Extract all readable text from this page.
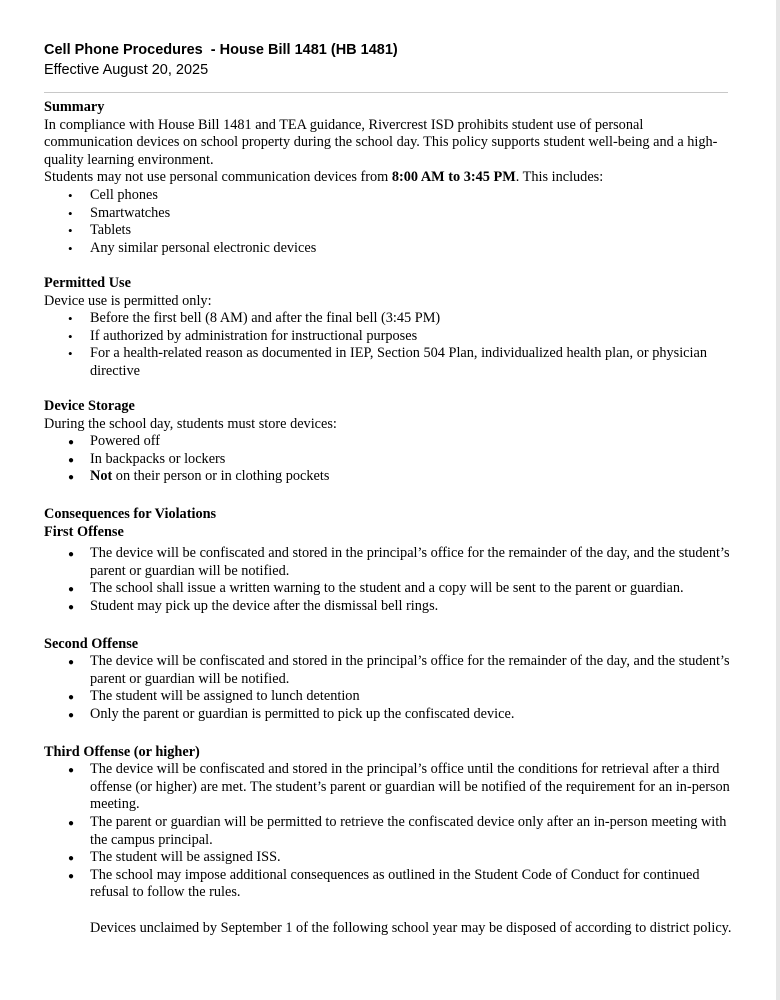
Cell Phone Procedures  - House Bill 1481 (HB 1481)

Effective August 20, 2025

Summary

In compliance with House Bill 1481 and TEA guidance, Rivercrest ISD prohibits student use of personal communication devices on school property during the school day. This policy supports student well-being and a high-quality learning environment.

Students may not use personal communication devices from 8:00 AM to 3:45 PM. This includes:

• Cell phones
• Smartwatches
• Tablets
• Any similar personal electronic devices

Permitted Use

Device use is permitted only:

• Before the first bell (8 AM) and after the final bell (3:45 PM)
• If authorized by administration for instructional purposes
• For a health-related reason as documented in IEP, Section 504 Plan, individualized health plan, or physician directive

Device Storage

During the school day, students must store devices:

● Powered off
● In backpacks or lockers
● Not on their person or in clothing pockets

Consequences for Violations

First Offense

● The device will be confiscated and stored in the principal’s office for the remainder of the day, and the student’s parent or guardian will be notified.
● The school shall issue a written warning to the student and a copy will be sent to the parent or guardian.
● Student may pick up the device after the dismissal bell rings.

Second Offense

● The device will be confiscated and stored in the principal’s office for the remainder of the day, and the student’s parent or guardian will be notified.
● The student will be assigned to lunch detention
● Only the parent or guardian is permitted to pick up the confiscated device.

Third Offense (or higher)

● The device will be confiscated and stored in the principal’s office until the conditions for retrieval after a third offense (or higher) are met. The student’s parent or guardian will be notified of the requirement for an in-person meeting.
● The parent or guardian will be permitted to retrieve the confiscated device only after an in-person meeting with the campus principal.
● The student will be assigned ISS.
● The school may impose additional consequences as outlined in the Student Code of Conduct for continued refusal to follow the rules.

Devices unclaimed by September 1 of the following school year may be disposed of according to district policy.
